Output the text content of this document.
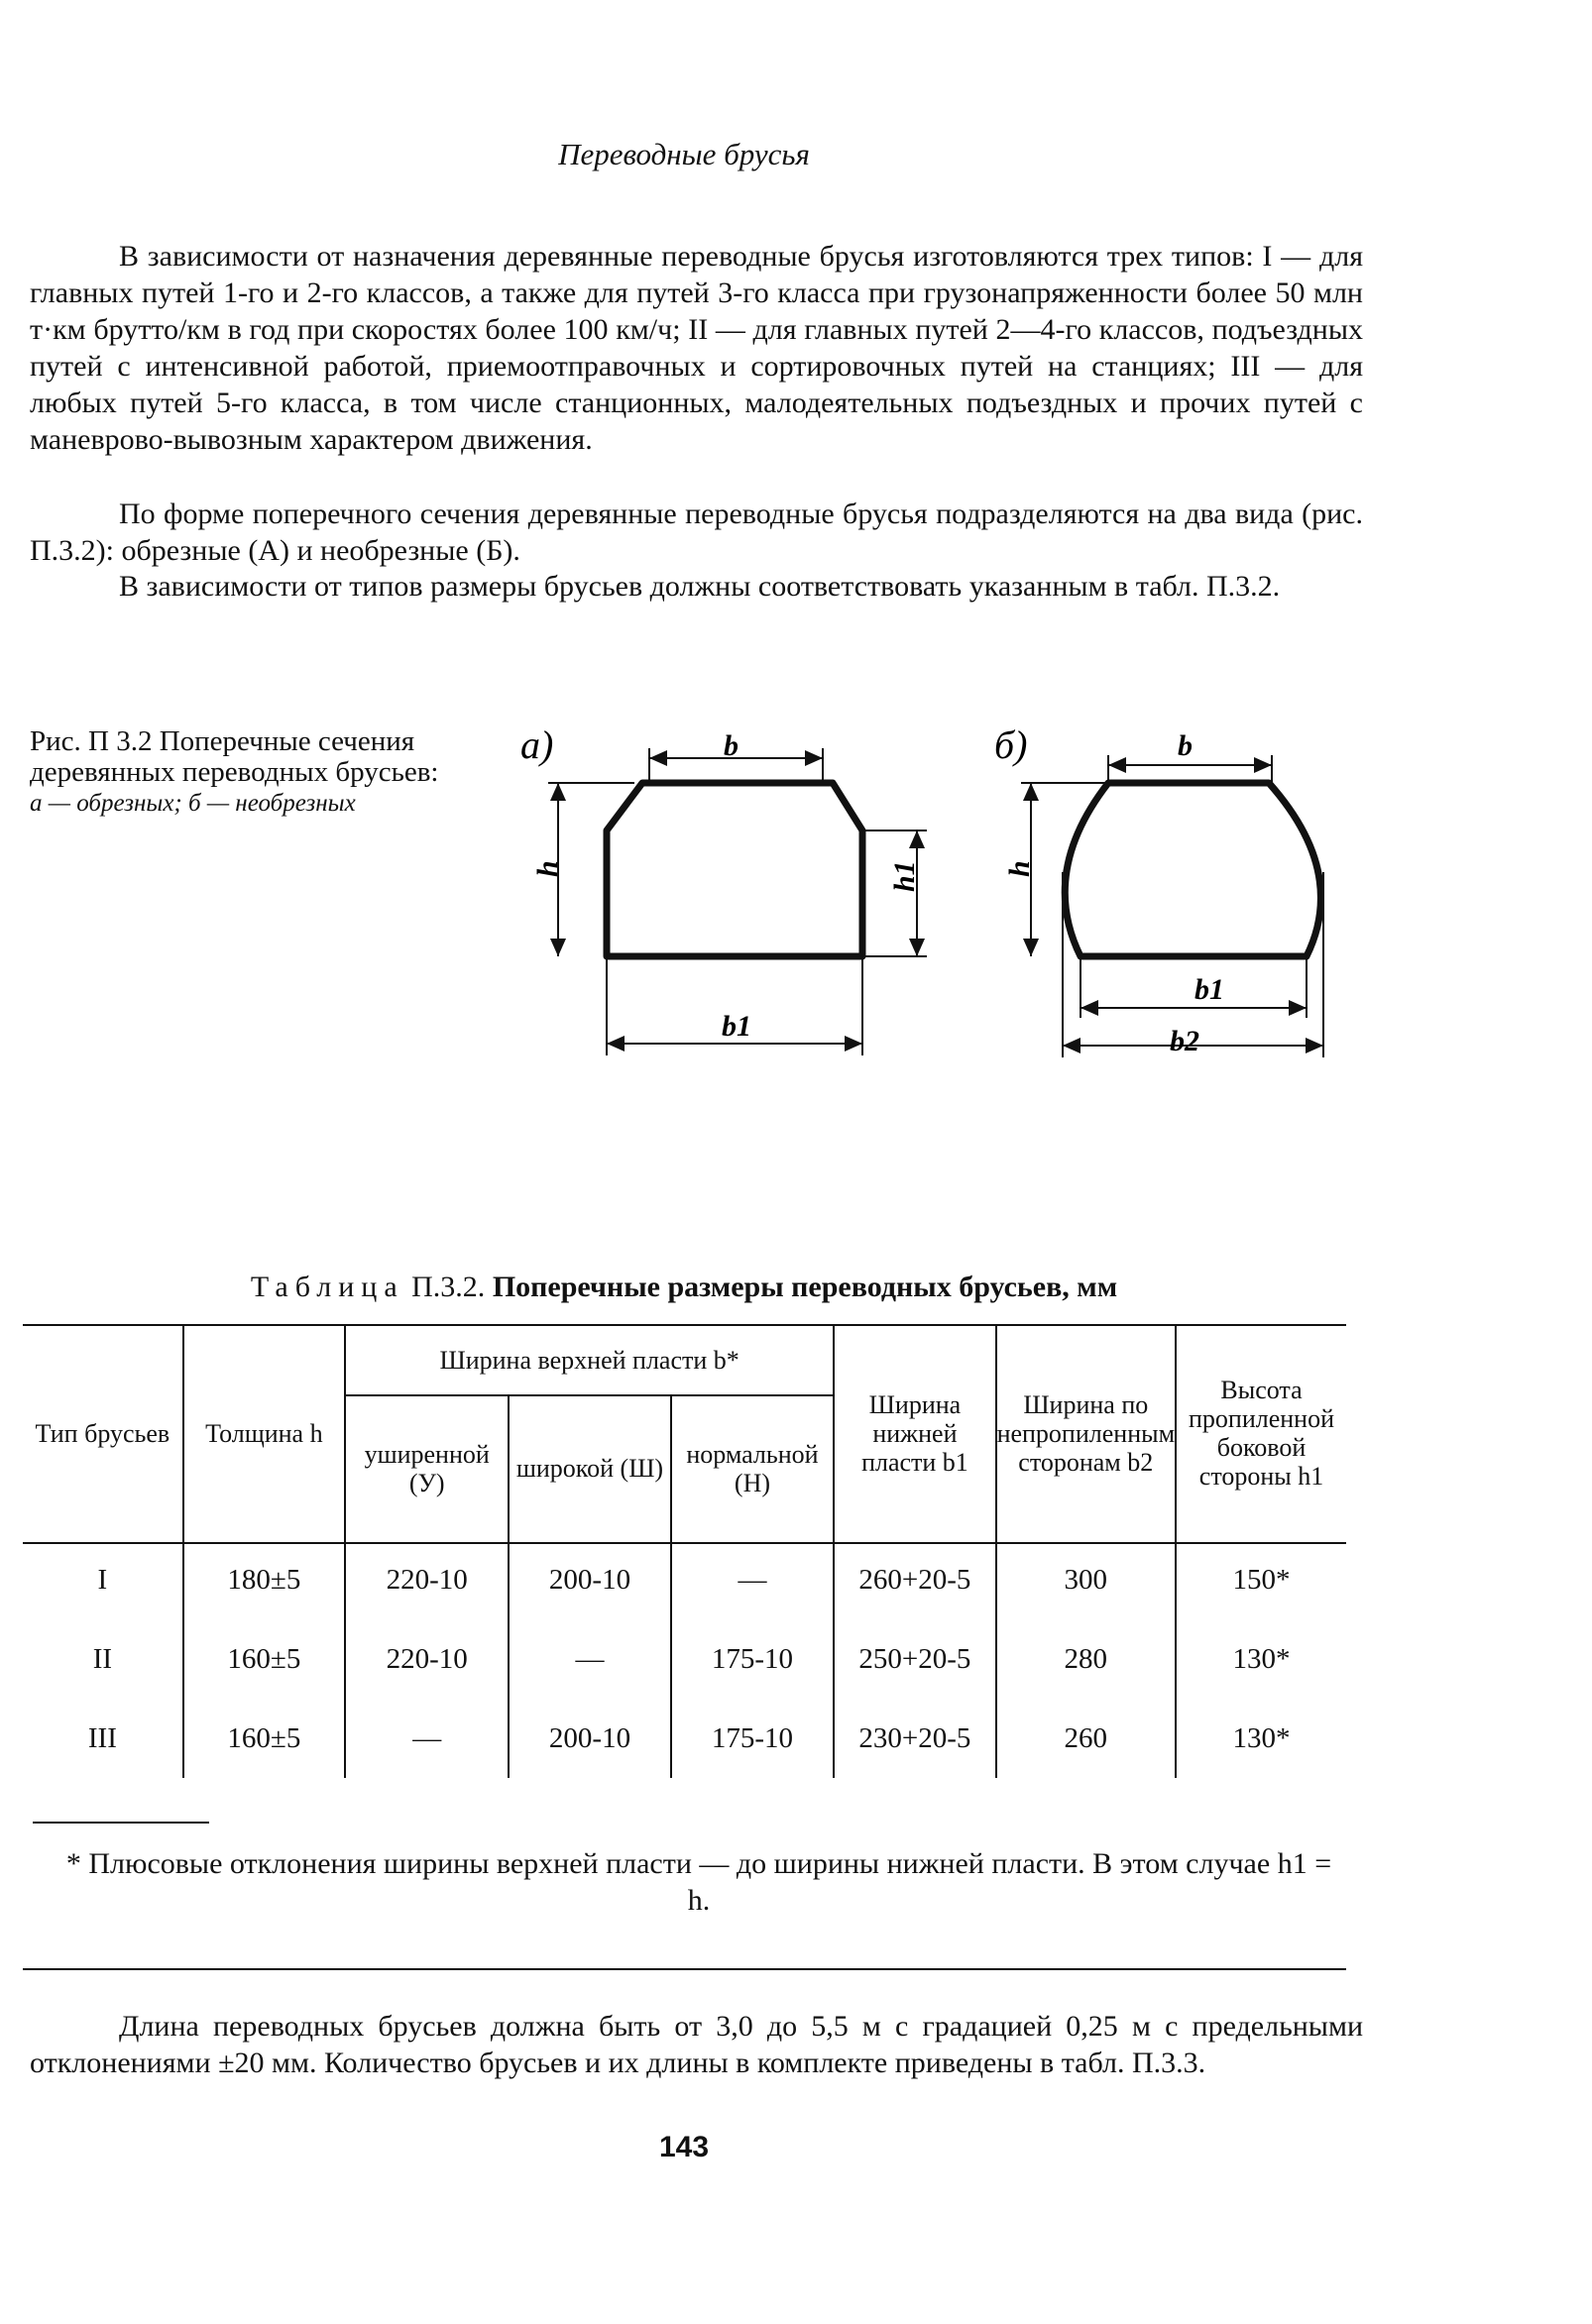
Переводные брусья

В зависимости от назначения деревянные переводные брусья изготовляются трех типов: I — для главных путей 1-го и 2-го классов, а также для путей 3-го класса при грузонапряженности более 50 млн т·км брутто/км в год при скоростях более 100 км/ч; II — для главных путей 2—4-го классов, подъездных путей с интенсивной работой, приемоотправочных и сортировочных путей на станциях; III — для любых путей 5-го класса, в том числе станционных, малодеятельных подъездных и прочих путей с маневрово-вывозным характером движения.

По форме поперечного сечения деревянные переводные брусья подразделяются на два вида (рис. П.3.2): обрезные (А) и необрезные (Б).

В зависимости от типов размеры брусьев должны соответствовать указанным в табл. П.3.2.

Рис. П 3.2 Поперечные сечения деревянных переводных брусьев:
а — обрезных; б — необрезных
а)	b
h	h1
b1
б)	b
h
b1
b2
Таблица П.3.2. Поперечные размеры переводных брусьев, мм
Тип брусьев	Толщина h	Ширина верхней пласти b*			Ширина нижней пласти b1	Ширина по непропиленным сторонам b2	Высота пропиленной боковой стороны h1
		уширенной (У)	широкой (Ш)	нормальной (Н)			
I	180±5	220-10	200-10	—	260+20-5	300	150*
II	160±5	220-10	—	175-10	250+20-5	280	130*
III	160±5	—	200-10	175-10	230+20-5	260	130*
* Плюсовые отклонения ширины верхней пласти — до ширины нижней пласти. В этом случае h1 = h.

Длина переводных брусьев должна быть от 3,0 до 5,5 м с градацией 0,25 м с предельными отклонениями ±20 мм. Количество брусьев и их длины в комплекте приведены в табл. П.3.3.

143
